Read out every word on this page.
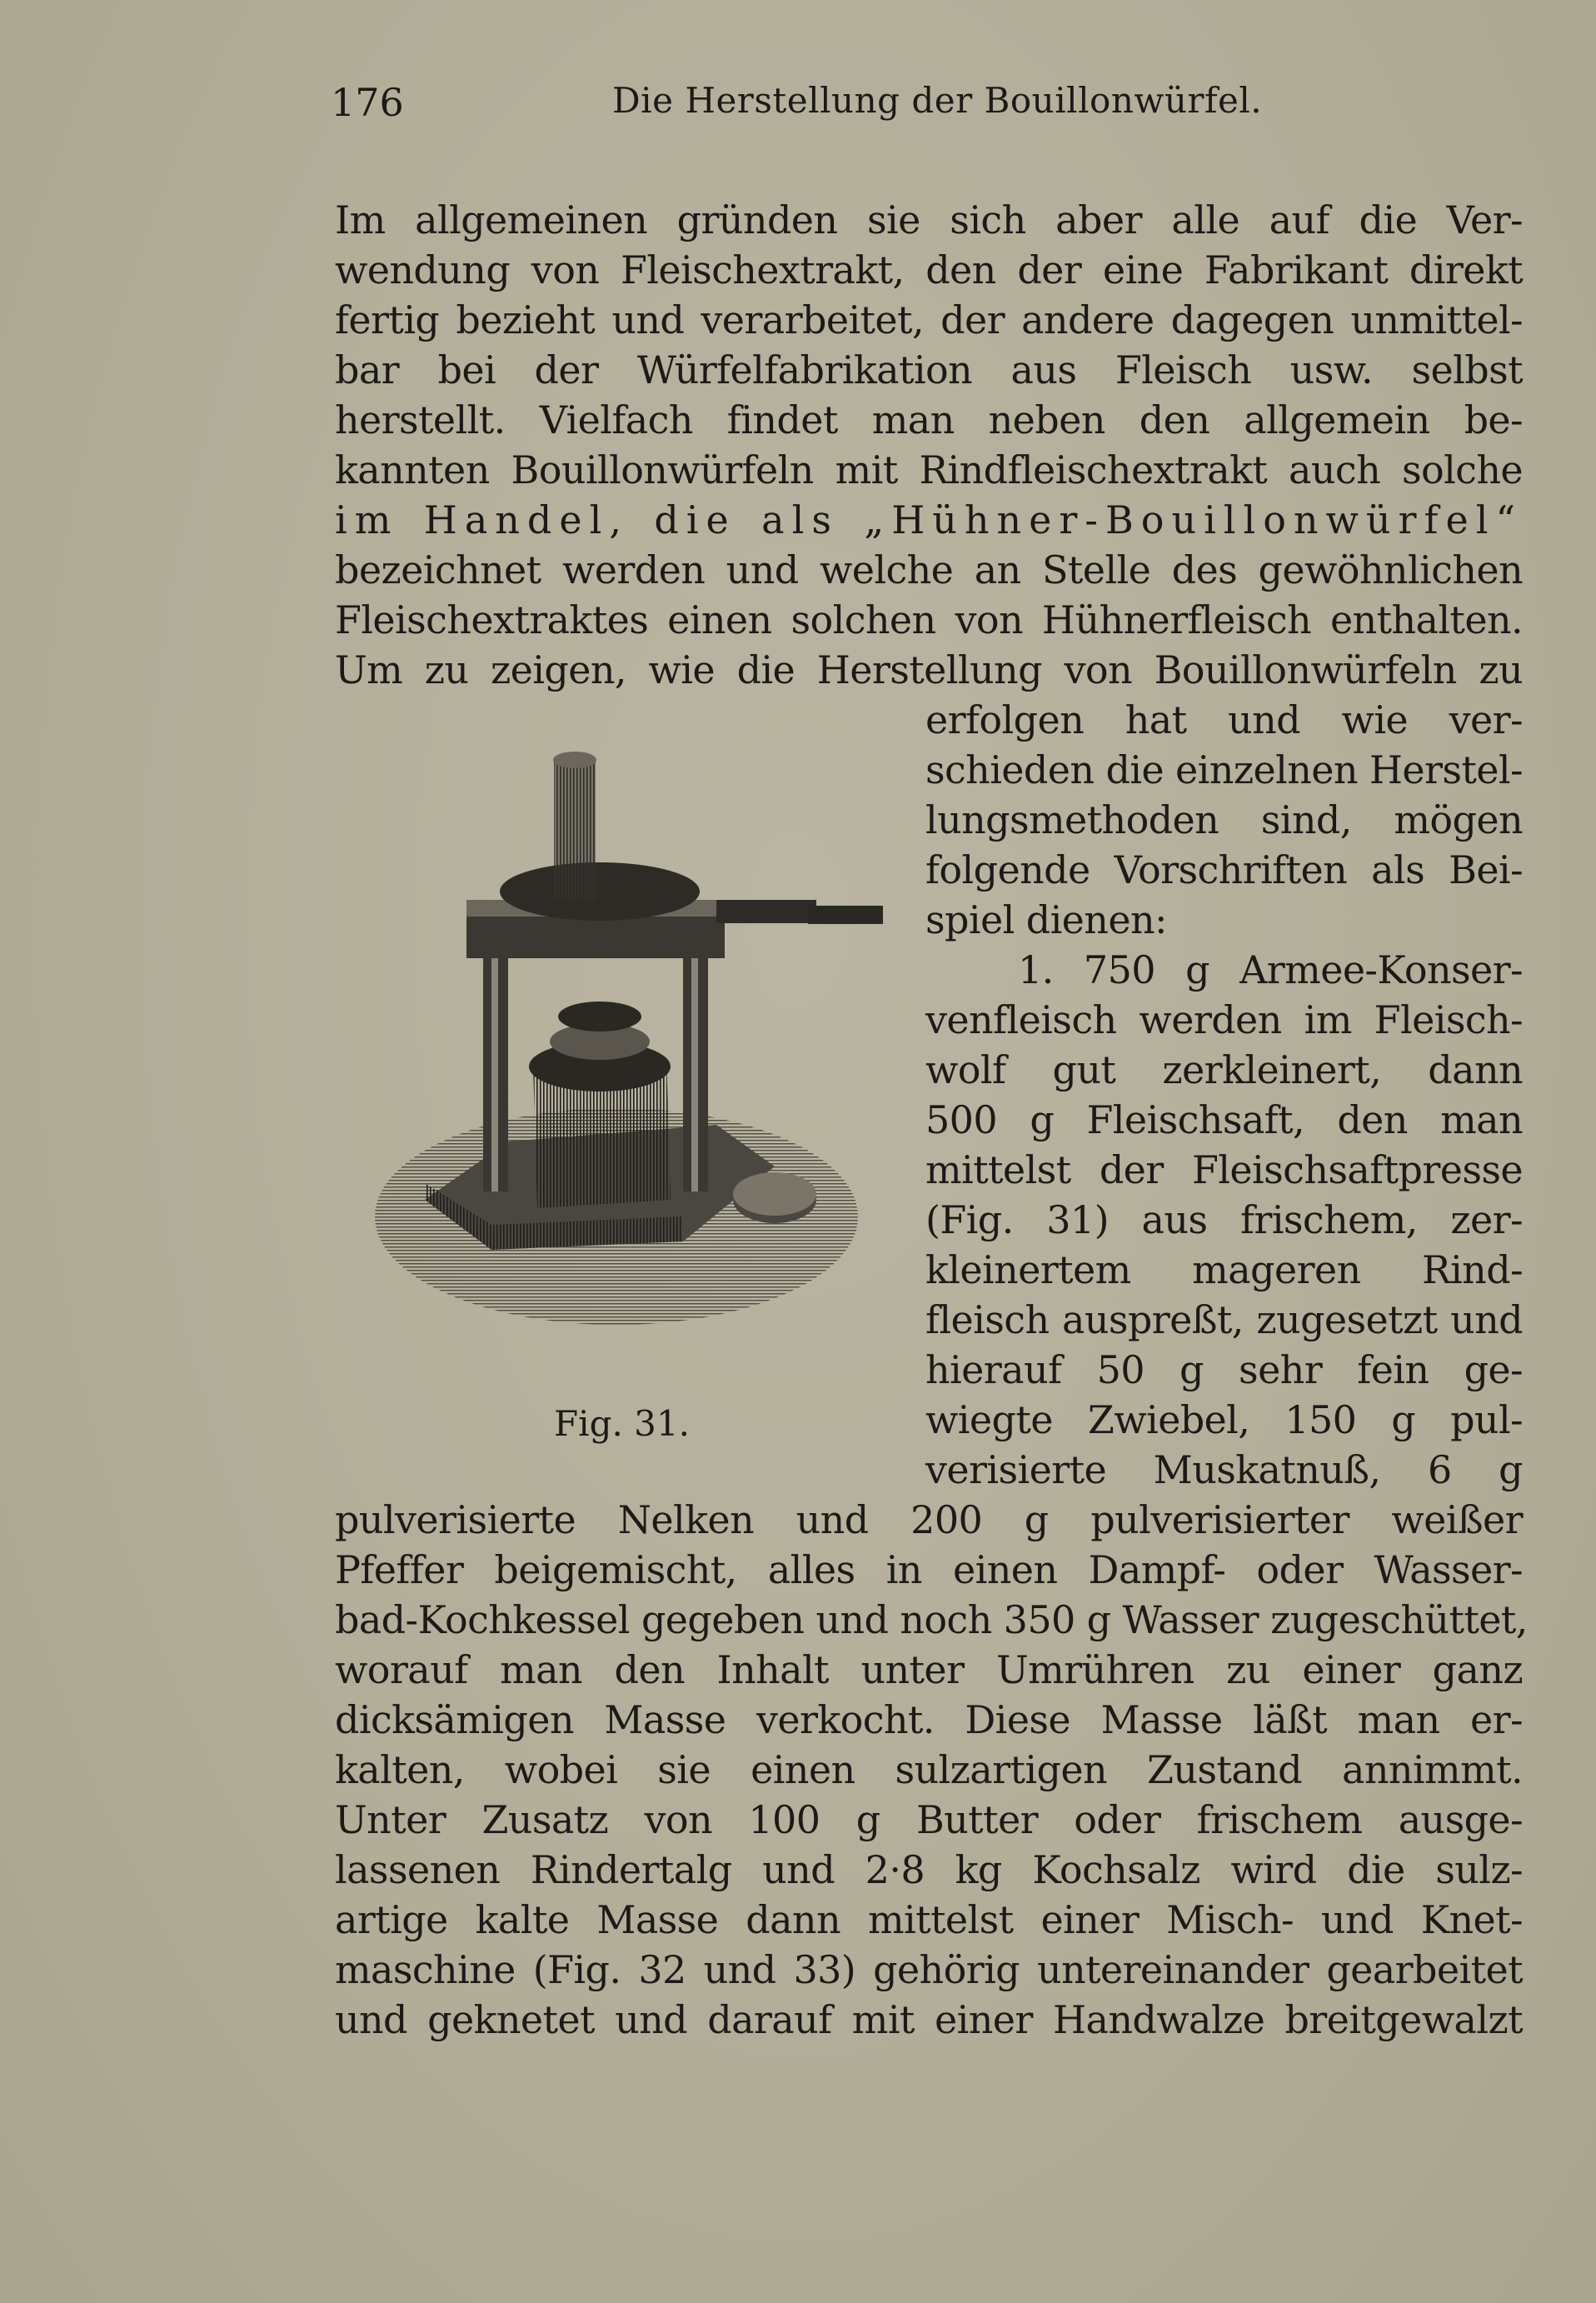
176	Die Herstellung der Bouillonwürfel.
Im allgemeinen gründen sie sich aber alle auf die Ver-
wendung von Fleischextrakt, den der eine Fabrikant direkt
fertig bezieht und verarbeitet, der andere dagegen unmittel-
bar bei der Würfelfabrikation aus Fleisch usw. selbst
herstellt. Vielfach findet man neben den allgemein be-
kannten Bouillonwürfeln mit Rindfleischextrakt auch solche
im Handel, die als „Hühner-Bouillonwürfel“
bezeichnet werden und welche an Stelle des gewöhnlichen
Fleischextraktes einen solchen von Hühnerfleisch enthalten.
Um zu zeigen, wie die Herstellung von Bouillonwürfeln zu
erfolgen hat und wie ver-
schieden die einzelnen Herstel-
lungsmethoden sind, mögen
folgende Vorschriften als Bei-
spiel dienen:
1. 750 g Armee-Konser-
venfleisch werden im Fleisch-
wolf gut zerkleinert, dann
500 g Fleischsaft, den man
mittelst der Fleischsaftpresse
(Fig. 31) aus frischem, zer-
kleinertem mageren Rind-
fleisch auspreßt, zugesetzt und
hierauf 50 g sehr fein ge-
wiegte Zwiebel, 150 g pul-
verisierte Muskatnuß, 6 g
pulverisierte Nelken und 200 g pulverisierter weißer
Pfeffer beigemischt, alles in einen Dampf- oder Wasser-
bad-Kochkessel gegeben und noch 350 g Wasser zugeschüttet,
worauf man den Inhalt unter Umrühren zu einer ganz
dicksämigen Masse verkocht. Diese Masse läßt man er-
kalten, wobei sie einen sulzartigen Zustand annimmt.
Unter Zusatz von 100 g Butter oder frischem ausge-
lassenen Rindertalg und 2·8 kg Kochsalz wird die sulz-
artige kalte Masse dann mittelst einer Misch- und Knet-
maschine (Fig. 32 und 33) gehörig untereinander gearbeitet
und geknetet und darauf mit einer Handwalze breitgewalzt
Fig. 31.
